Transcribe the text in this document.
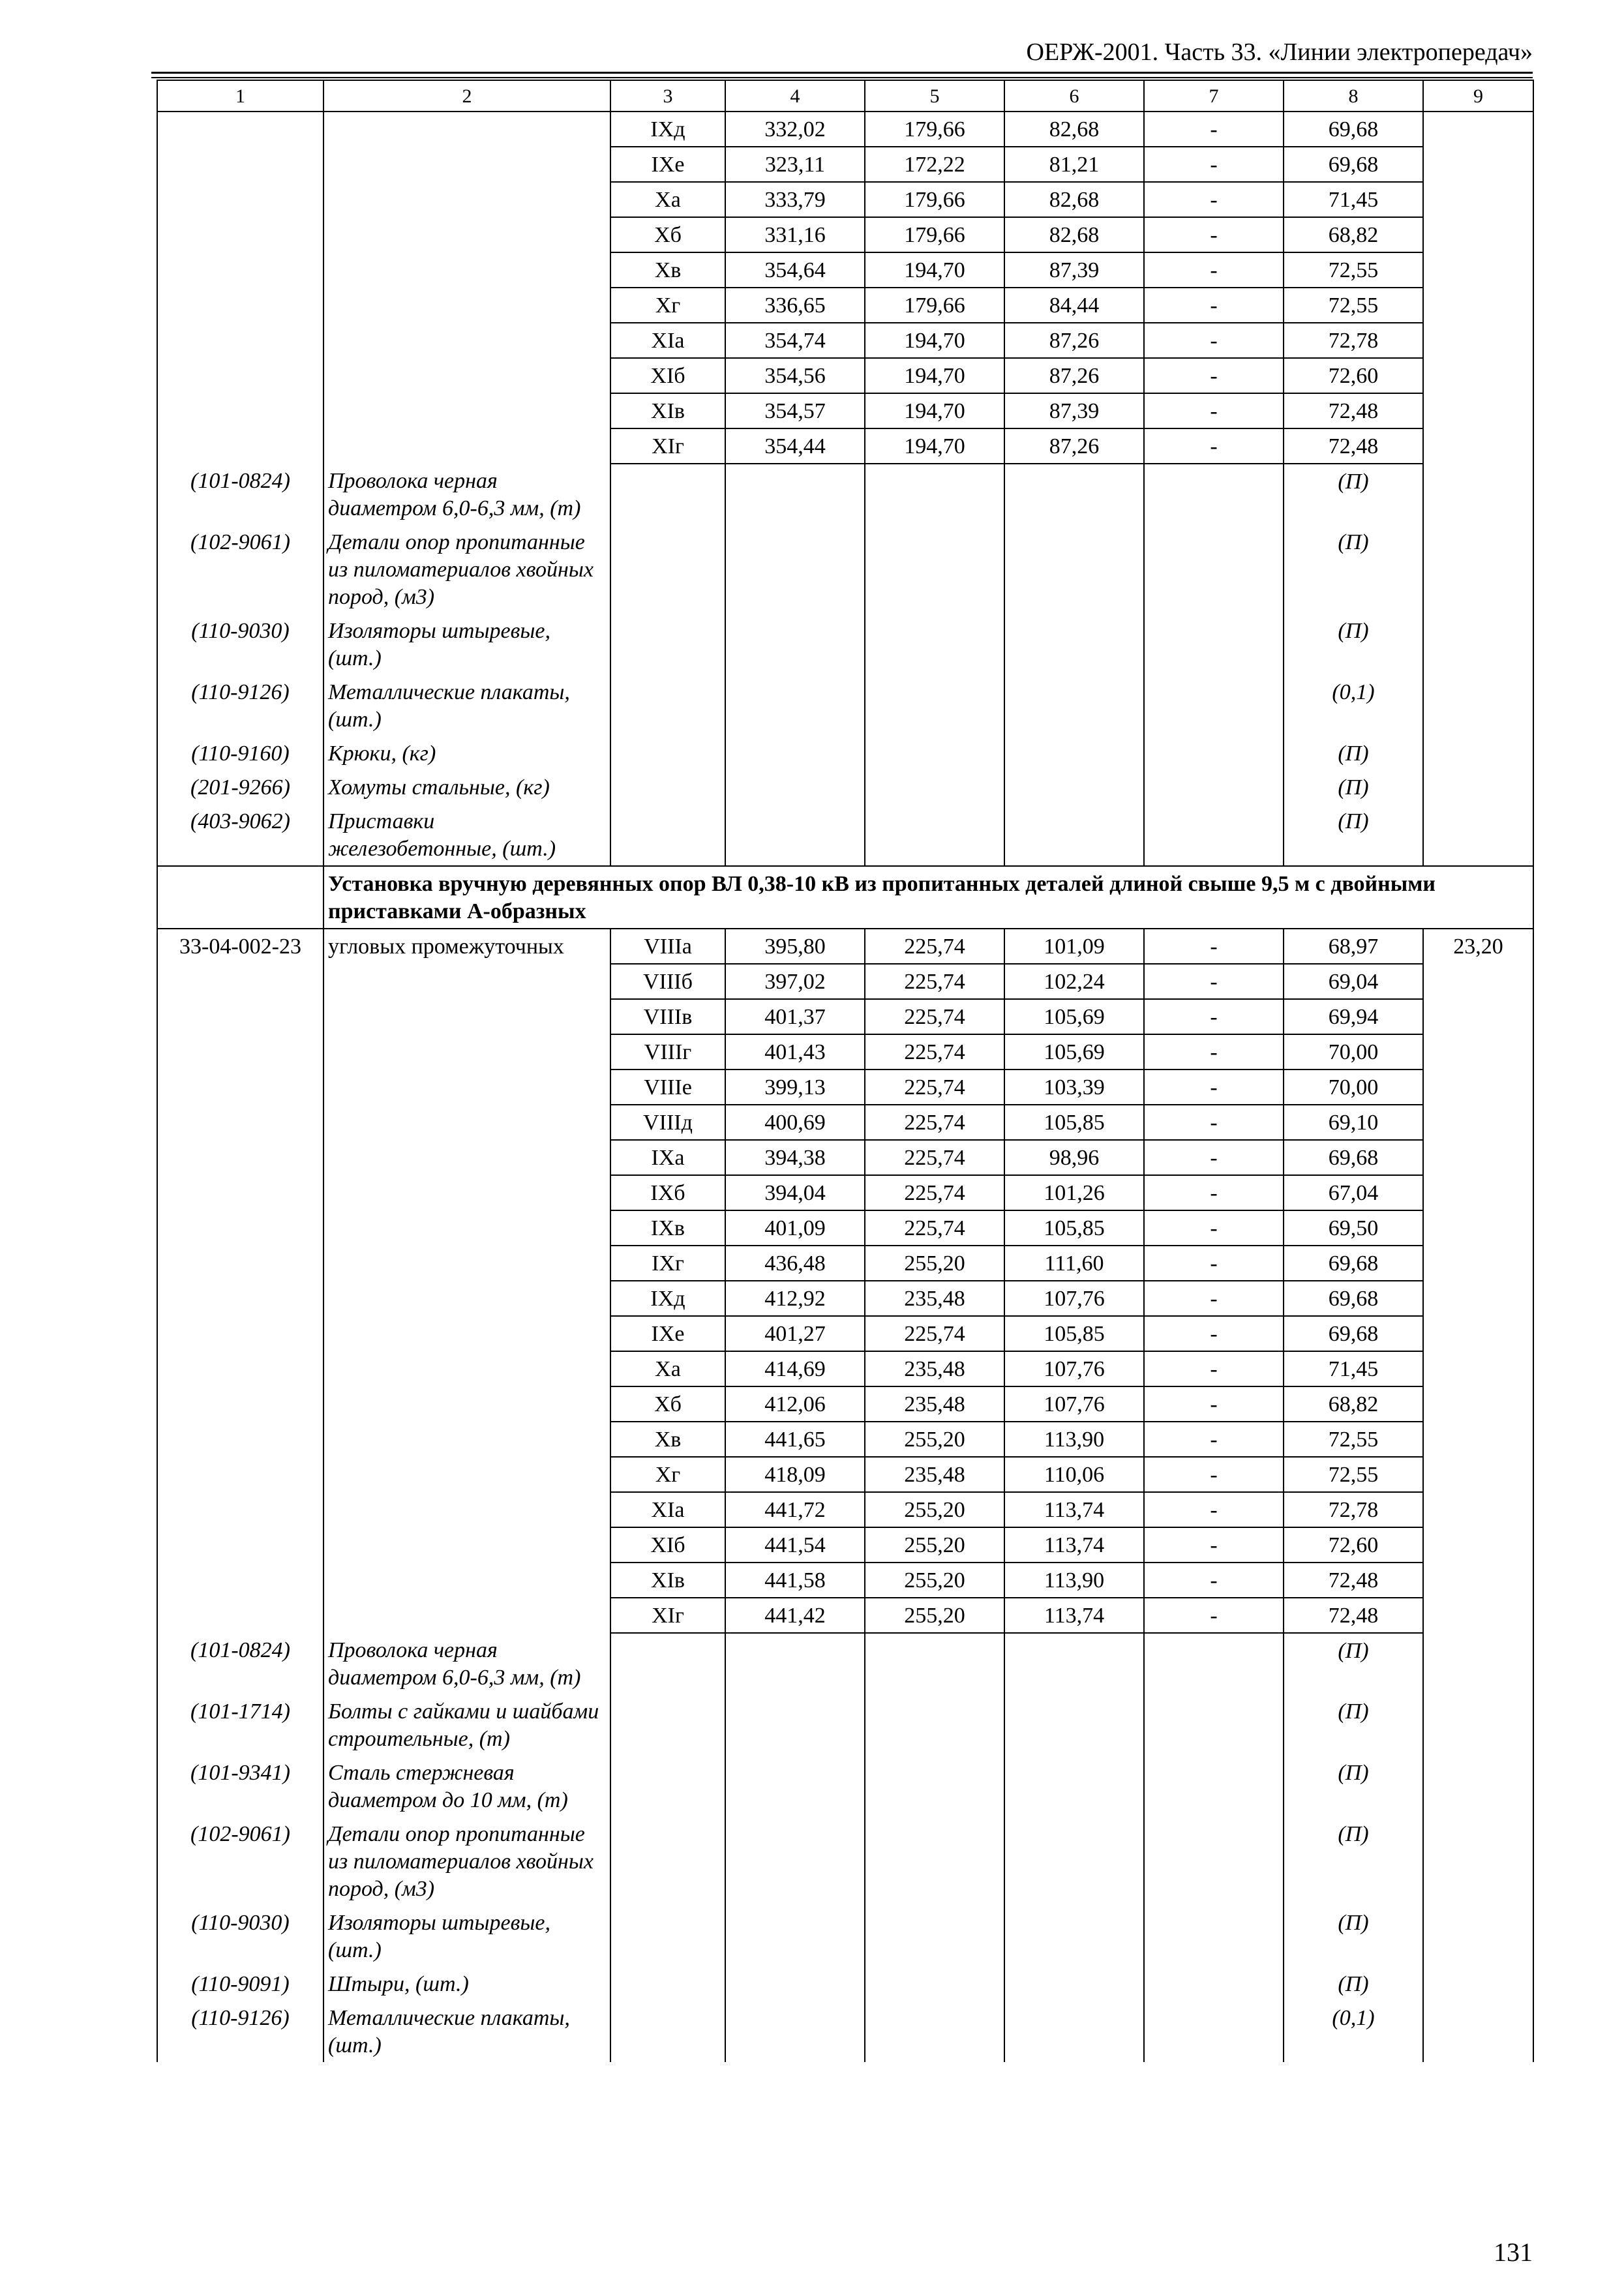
ОЕРЖ-2001. Часть 33. «Линии электропередач»
1	2	3	4	5	6	7	8	9
		IXд	332,02	179,66	82,68	-	69,68	
		IXе	323,11	172,22	81,21	-	69,68	
		Xа	333,79	179,66	82,68	-	71,45	
		Xб	331,16	179,66	82,68	-	68,82	
		Xв	354,64	194,70	87,39	-	72,55	
		Xг	336,65	179,66	84,44	-	72,55	
		XIа	354,74	194,70	87,26	-	72,78	
		XIб	354,56	194,70	87,26	-	72,60	
		XIв	354,57	194,70	87,39	-	72,48	
		XIг	354,44	194,70	87,26	-	72,48	
(101-0824)	Проволока черная диаметром 6,0-6,3 мм, (т)						(П)	
(102-9061)	Детали опор пропитанные из пиломатериалов хвойных пород, (м3)						(П)	
(110-9030)	Изоляторы штыревые, (шт.)						(П)	
(110-9126)	Металлические плакаты, (шт.)						(0,1)	
(110-9160)	Крюки, (кг)						(П)	
(201-9266)	Хомуты стальные, (кг)						(П)	
(403-9062)	Приставки железобетонные, (шт.)						(П)	
	Установка вручную деревянных опор ВЛ 0,38-10 кВ из пропитанных деталей длиной свыше 9,5 м с двойными приставками А-образных							
33-04-002-23	угловых промежуточных	VIIIа	395,80	225,74	101,09	-	68,97	23,20
		VIIIб	397,02	225,74	102,24	-	69,04	
		VIIIв	401,37	225,74	105,69	-	69,94	
		VIIIг	401,43	225,74	105,69	-	70,00	
		VIIIе	399,13	225,74	103,39	-	70,00	
		VIIIд	400,69	225,74	105,85	-	69,10	
		IXа	394,38	225,74	98,96	-	69,68	
		IXб	394,04	225,74	101,26	-	67,04	
		IXв	401,09	225,74	105,85	-	69,50	
		IXг	436,48	255,20	111,60	-	69,68	
		IXд	412,92	235,48	107,76	-	69,68	
		IXе	401,27	225,74	105,85	-	69,68	
		Xа	414,69	235,48	107,76	-	71,45	
		Xб	412,06	235,48	107,76	-	68,82	
		Xв	441,65	255,20	113,90	-	72,55	
		Xг	418,09	235,48	110,06	-	72,55	
		XIа	441,72	255,20	113,74	-	72,78	
		XIб	441,54	255,20	113,74	-	72,60	
		XIв	441,58	255,20	113,90	-	72,48	
		XIг	441,42	255,20	113,74	-	72,48	
(101-0824)	Проволока черная диаметром 6,0-6,3 мм, (т)						(П)	
(101-1714)	Болты с гайками и шайбами строительные, (т)						(П)	
(101-9341)	Сталь стержневая диаметром до 10 мм, (т)						(П)	
(102-9061)	Детали опор пропитанные из пиломатериалов хвойных пород, (м3)						(П)	
(110-9030)	Изоляторы штыревые, (шт.)						(П)	
(110-9091)	Штыри, (шт.)						(П)	
(110-9126)	Металлические плакаты, (шт.)						(0,1)	
131
